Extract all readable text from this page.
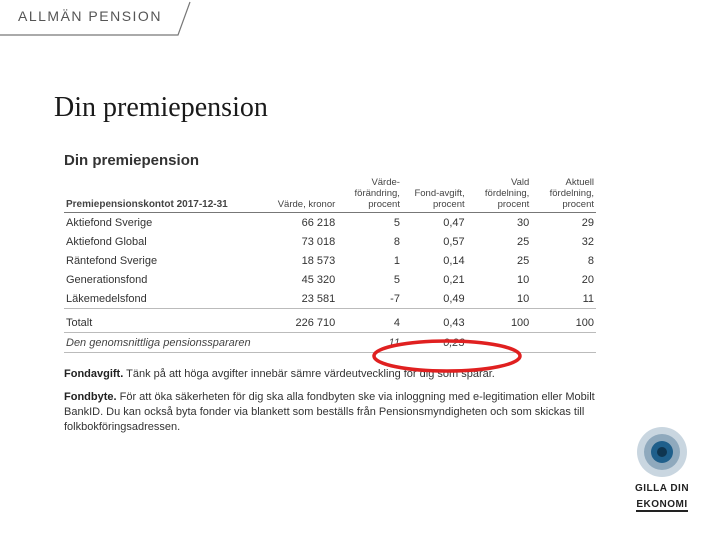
ALLMÄN PENSION
Din premiepension
Din premiepension
Premiepensionskontot 2017-12-31	Värde, kronor	Värde-förändring, procent	Fond-avgift, procent	Vald fördelning, procent	Aktuell fördelning, procent
Aktiefond Sverige	66 218	5	0,47	30	29
Aktiefond Global	73 018	8	0,57	25	32
Räntefond Sverige	18 573	1	0,14	25	8
Generationsfond	45 320	5	0,21	10	20
Läkemedelsfond	23 581	-7	0,49	10	11
Totalt	226 710	4	0,43	100	100
Den genomsnittliga pensionsspararen		11	0,23		

Fondavgift. Tänk på att höga avgifter innebär sämre värdeutveckling för dig som sparar.

Fondbyte. För att öka säkerheten för dig ska alla fondbyten ske via inloggning med e-legitimation eller Mobilt BankID. Du kan också byta fonder via blankett som beställs från Pensionsmyndigheten och som skickas till folkbokföringsadressen.

GILLA DIN
EKONOMI
